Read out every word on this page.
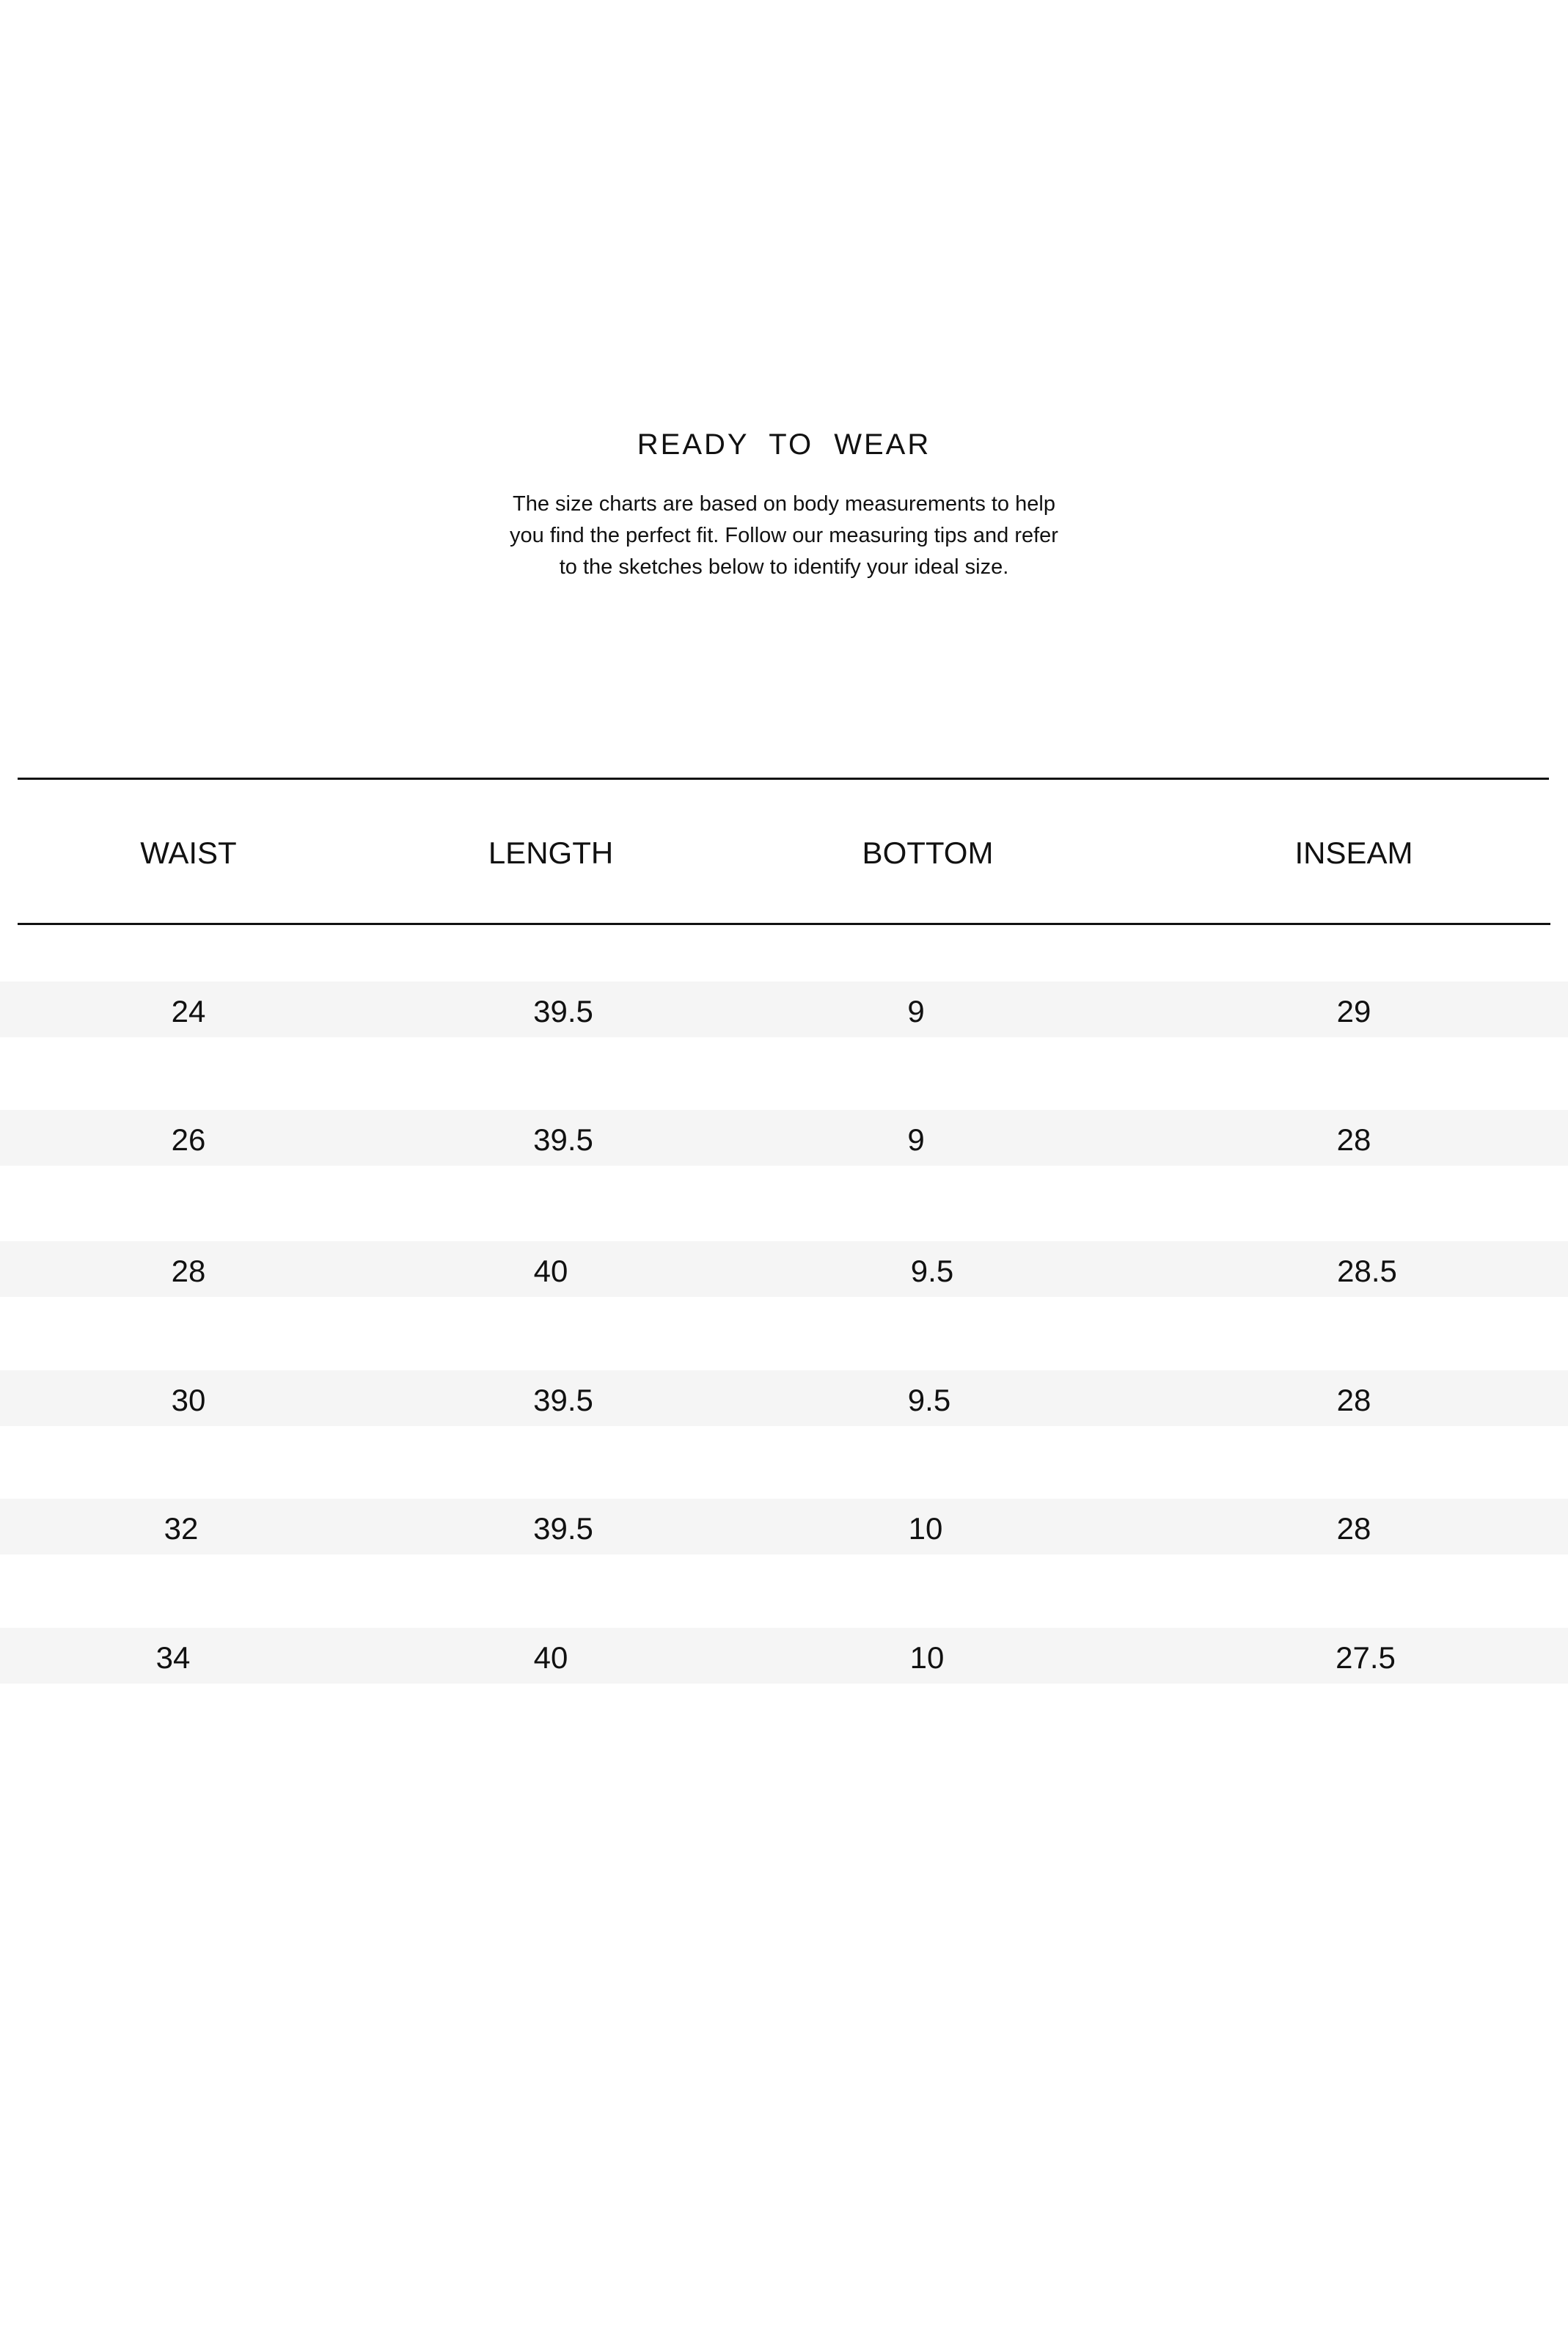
READY TO WEAR
The size charts are based on body measurements to help
you find the perfect fit. Follow our measuring tips and refer
to the sketches below to identify your ideal size.
WAIST	LENGTH	BOTTOM	INSEAM
24	39.5	9	29
26	39.5	9	28
28	40	9.5	28.5
30	39.5	9.5	28
32	39.5	10	28
34	40	10	27.5
